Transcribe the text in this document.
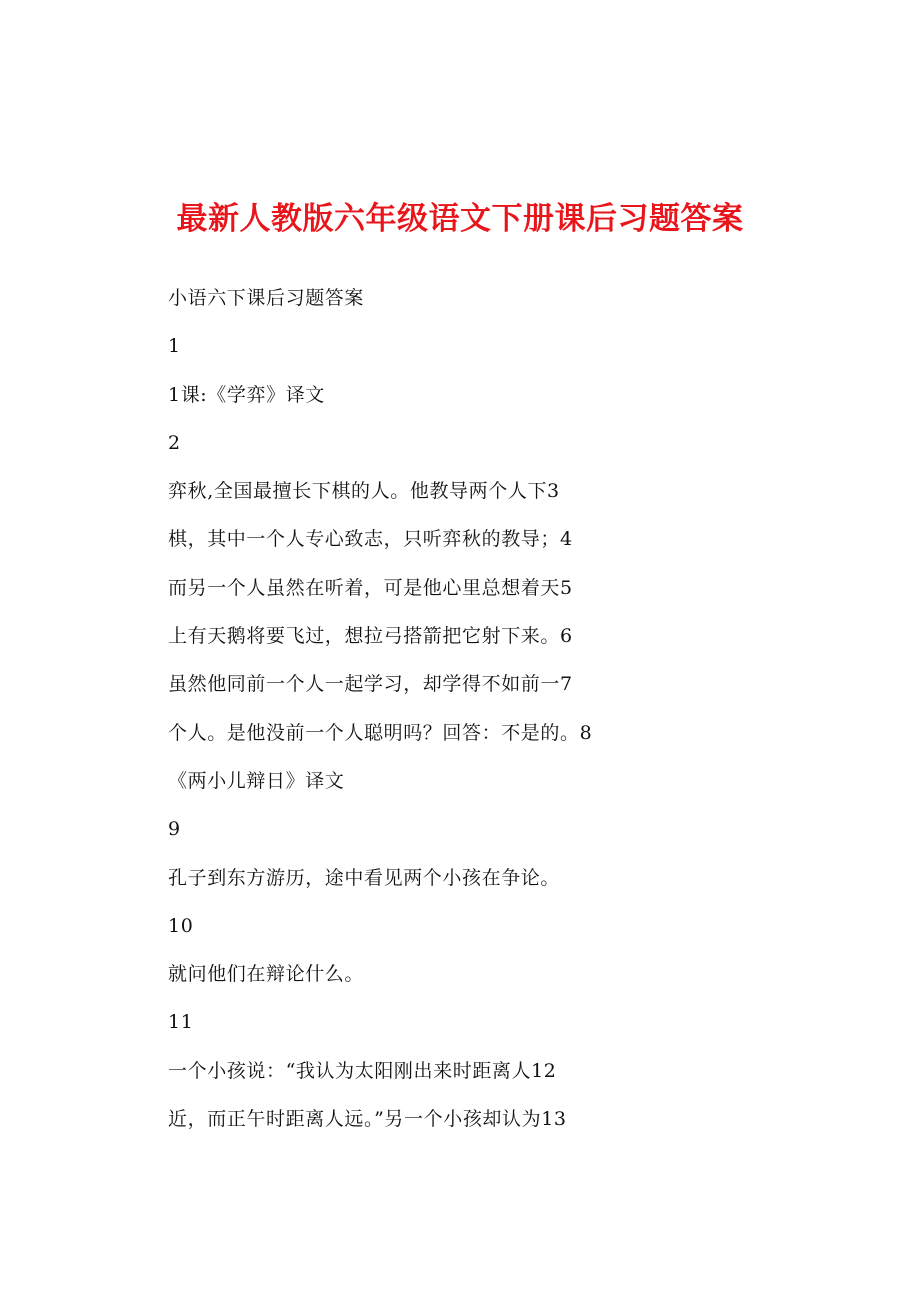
最新人教版六年级语文下册课后习题答案
小语六下课后习题答案
1
1课:《学弈》译文
2
弈秋,全国最擅长下棋的人。他教导两个人下3
棋，其中一个人专心致志，只听弈秋的教导；4
而另一个人虽然在听着，可是他心里总想着天5
上有天鹅将要飞过，想拉弓搭箭把它射下来。6
虽然他同前一个人一起学习，却学得不如前一7
个人。是他没前一个人聪明吗？回答：不是的。8
《两小儿辩日》译文
9
孔子到东方游历，途中看见两个小孩在争论。
10
就问他们在辩论什么。
11
一个小孩说：“我认为太阳刚出来时距离人12
近，而正午时距离人远。”另一个小孩却认为13
